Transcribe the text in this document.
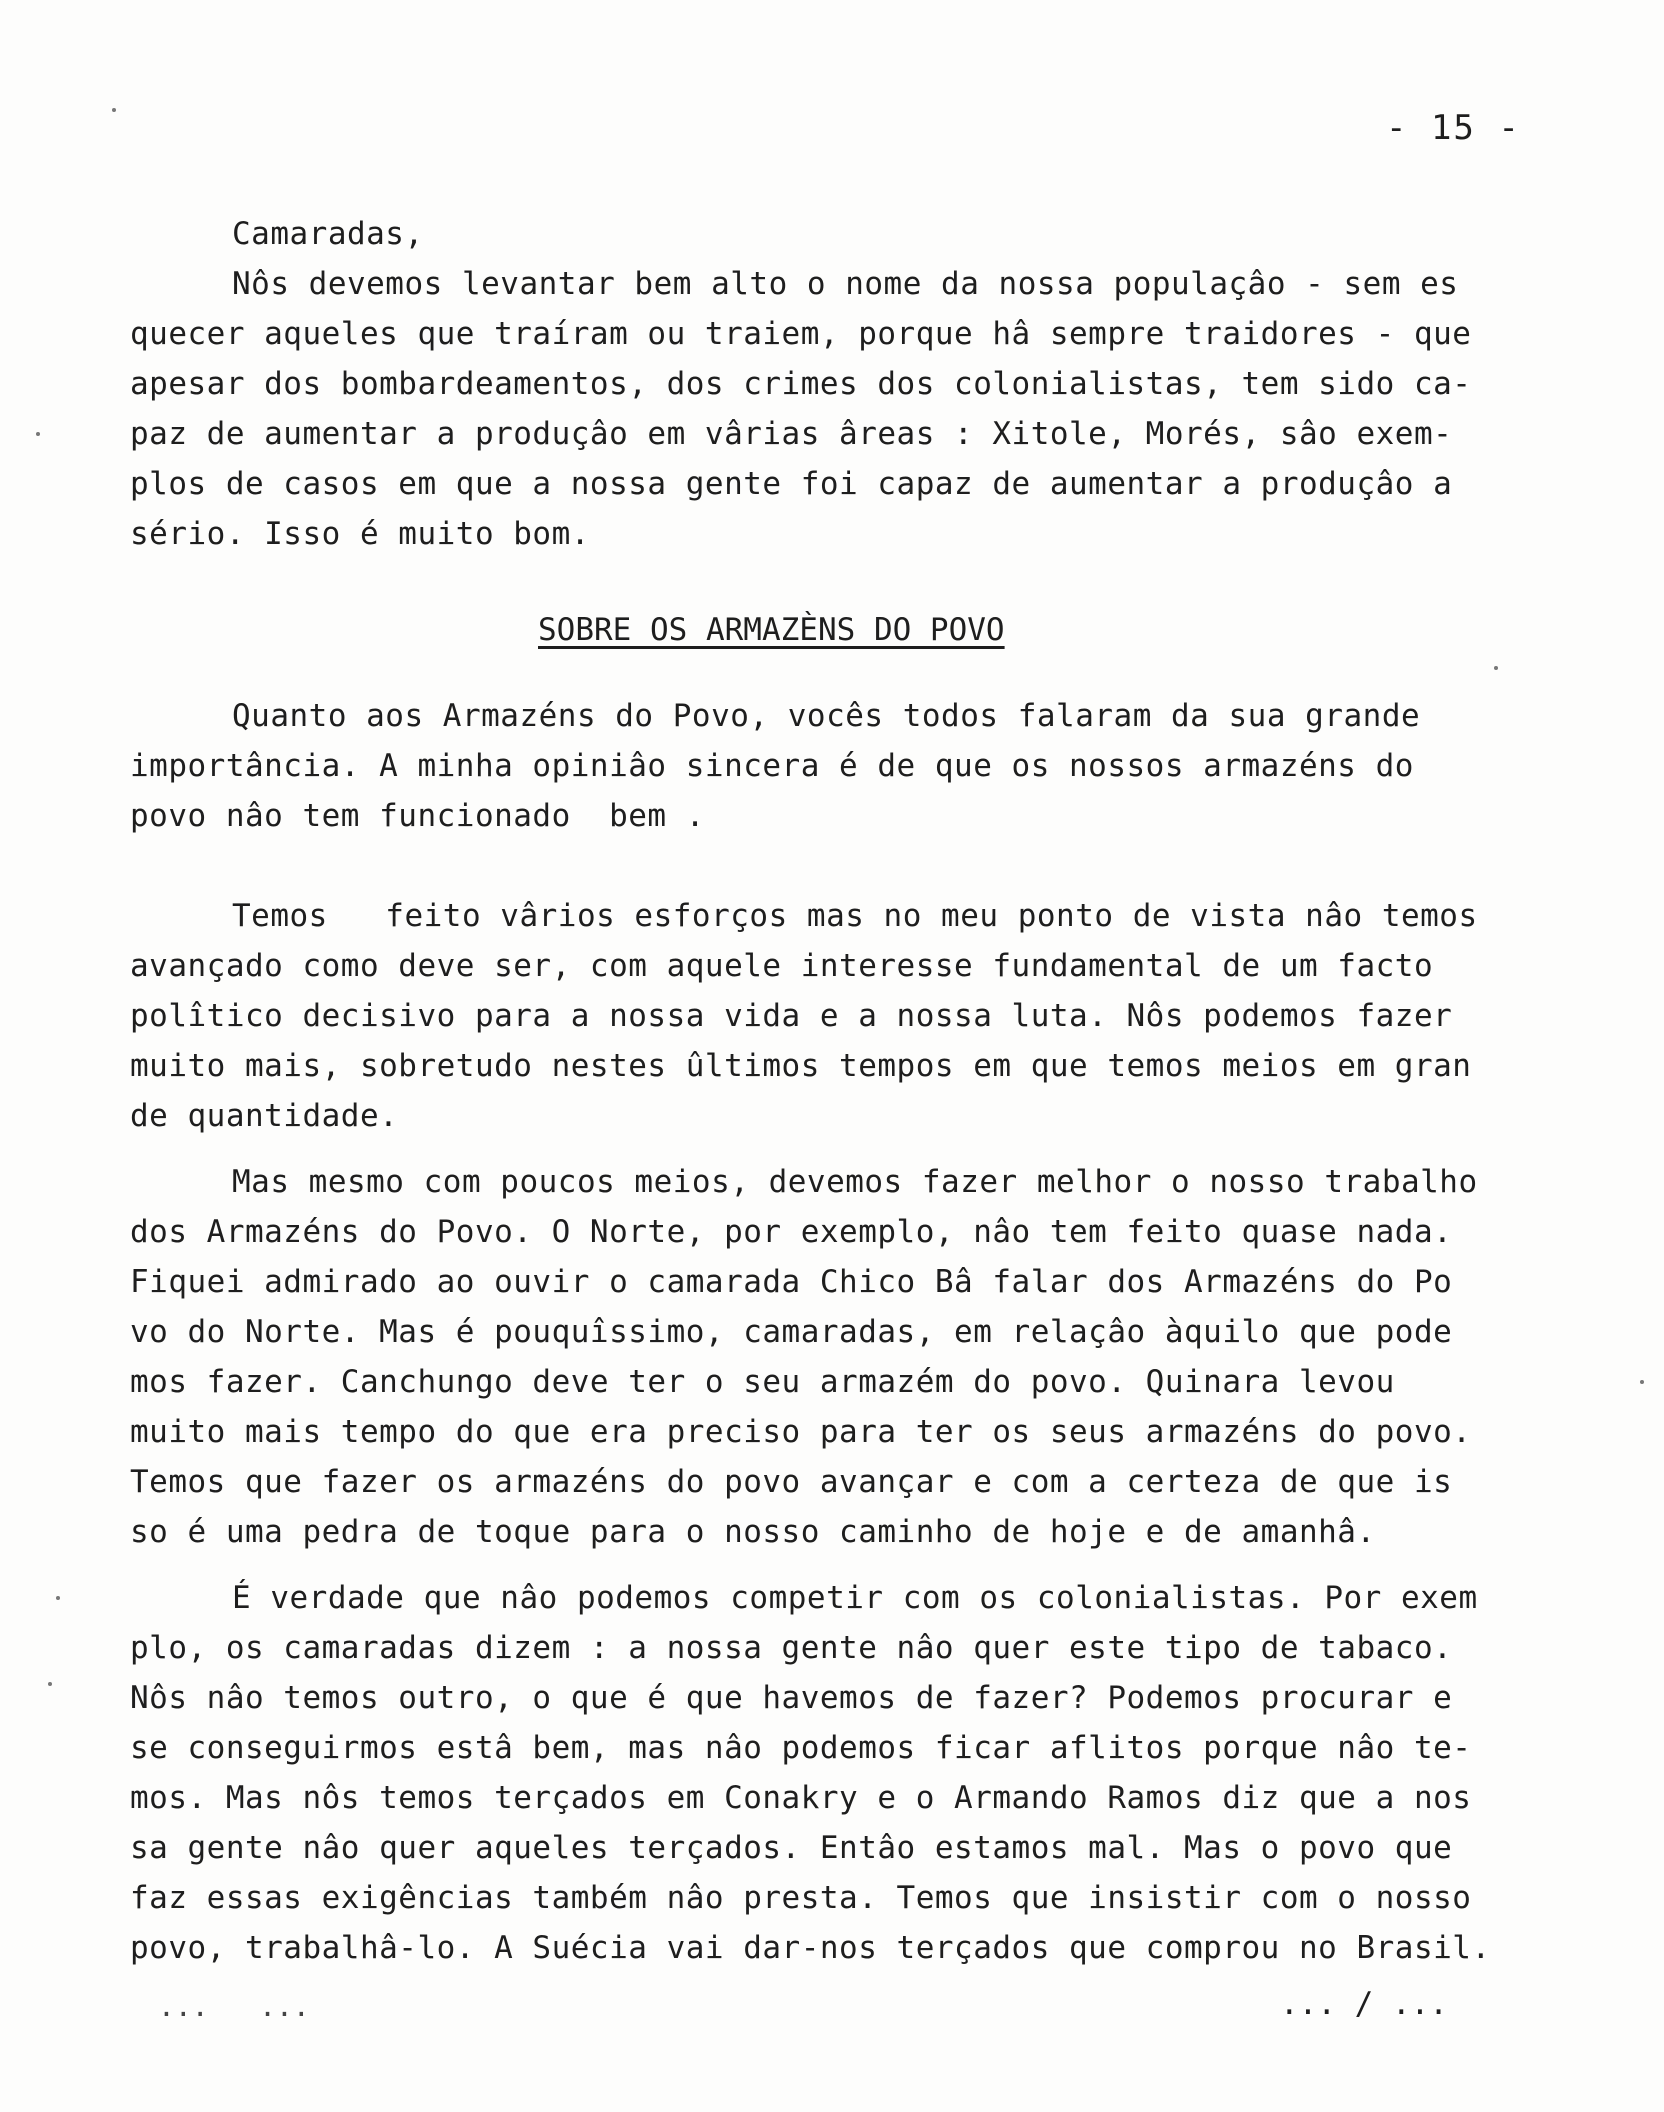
- 15 -
Camaradas,
Nôs devemos levantar bem alto o nome da nossa populaçâo - sem es
quecer aqueles que traíram ou traiem, porque hâ sempre traidores - que
apesar dos bombardeamentos, dos crimes dos colonialistas, tem sido ca-
paz de aumentar a produçâo em vârias âreas : Xitole, Morés, sâo exem-
plos de casos em que a nossa gente foi capaz de aumentar a produçâo a
sério. Isso é muito bom.
SOBRE OS ARMAZÈNS DO POVO
Quanto aos Armazéns do Povo, vocês todos falaram da sua grande
importância. A minha opiniâo sincera é de que os nossos armazéns do
povo nâo tem funcionado  bem .
Temos   feito vârios esforços mas no meu ponto de vista nâo temos
avançado como deve ser, com aquele interesse fundamental de um facto
polîtico decisivo para a nossa vida e a nossa luta. Nôs podemos fazer
muito mais, sobretudo nestes ûltimos tempos em que temos meios em gran
de quantidade.
Mas mesmo com poucos meios, devemos fazer melhor o nosso trabalho
dos Armazéns do Povo. O Norte, por exemplo, nâo tem feito quase nada.
Fiquei admirado ao ouvir o camarada Chico Bâ falar dos Armazéns do Po
vo do Norte. Mas é pouquîssimo, camaradas, em relaçâo àquilo que pode
mos fazer. Canchungo deve ter o seu armazém do povo. Quinara levou
muito mais tempo do que era preciso para ter os seus armazéns do povo.
Temos que fazer os armazéns do povo avançar e com a certeza de que is
so é uma pedra de toque para o nosso caminho de hoje e de amanhâ.
É verdade que nâo podemos competir com os colonialistas. Por exem
plo, os camaradas dizem : a nossa gente nâo quer este tipo de tabaco.
Nôs nâo temos outro, o que é que havemos de fazer? Podemos procurar e
se conseguirmos estâ bem, mas nâo podemos ficar aflitos porque nâo te-
mos. Mas nôs temos terçados em Conakry e o Armando Ramos diz que a nos
sa gente nâo quer aqueles terçados. Entâo estamos mal. Mas o povo que
faz essas exigências também nâo presta. Temos que insistir com o nosso
povo, trabalhâ-lo. A Suécia vai dar-nos terçados que comprou no Brasil.
...   ...	... / ...
